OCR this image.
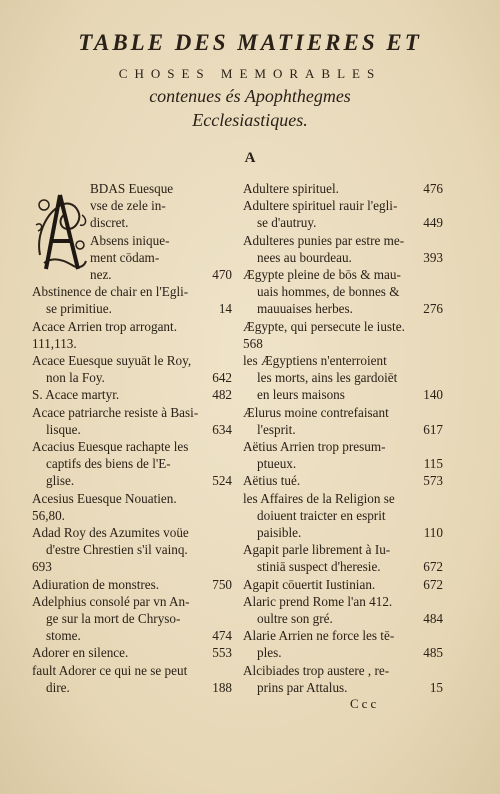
TABLE DES MATIERES ET
CHOSES MEMORABLES
contenues és Apophthegmes
Ecclesiastiques.
A
BDAS Euesque
vse de zele in-
discret.
Absens inique-
ment cōdam-
nez.	470
Abstinence de chair en l'Egli-
se primitiue.	14
Acace Arrien trop arrogant.
111,113.
Acace Euesque suyuāt le Roy,
non la Foy.	642
S. Acace martyr.	482
Acace patriarche resiste à Basi-
lisque.	634
Acacius Euesque rachapte les
captifs des biens de l'E-
glise.	524
Acesius Euesque Nouatien.
56,80.
Adad Roy des Azumites voüe
d'estre Chrestien s'il vainq.
693
Adiuration de monstres.	750
Adelphius consolé par vn An-
ge sur la mort de Chryso-
stome.	474
Adorer en silence.	553
fault Adorer ce qui ne se peut
dire.	188
Adultere spirituel.	476
Adultere spirituel rauir l'egli-
se d'autruy.	449
Adulteres punies par estre me-
nees au bourdeau.	393
Ægypte pleine de bōs & mau-
uais hommes, de bonnes &
mauuaises herbes.	276
Ægypte, qui persecute le iuste.
568
les Ægyptiens n'enterroient
les morts, ains les gardoiēt
en leurs maisons	140
Ælurus moine contrefaisant
l'esprit.	617
Aëtius Arrien trop presum-
ptueux.	115
Aëtius tué.	573
les Affaires de la Religion se
doiuent traicter en esprit
paisible.	110
Agapit parle librement à Iu-
stiniā suspect d'heresie.	672
Agapit cōuertit Iustinian.	672
Alaric prend Rome l'an 412.
oultre son gré.	484
Alarie Arrien ne force les tē-
ples.	485
Alcibiades trop austere , re-
prins par Attalus.	15
Ccc
